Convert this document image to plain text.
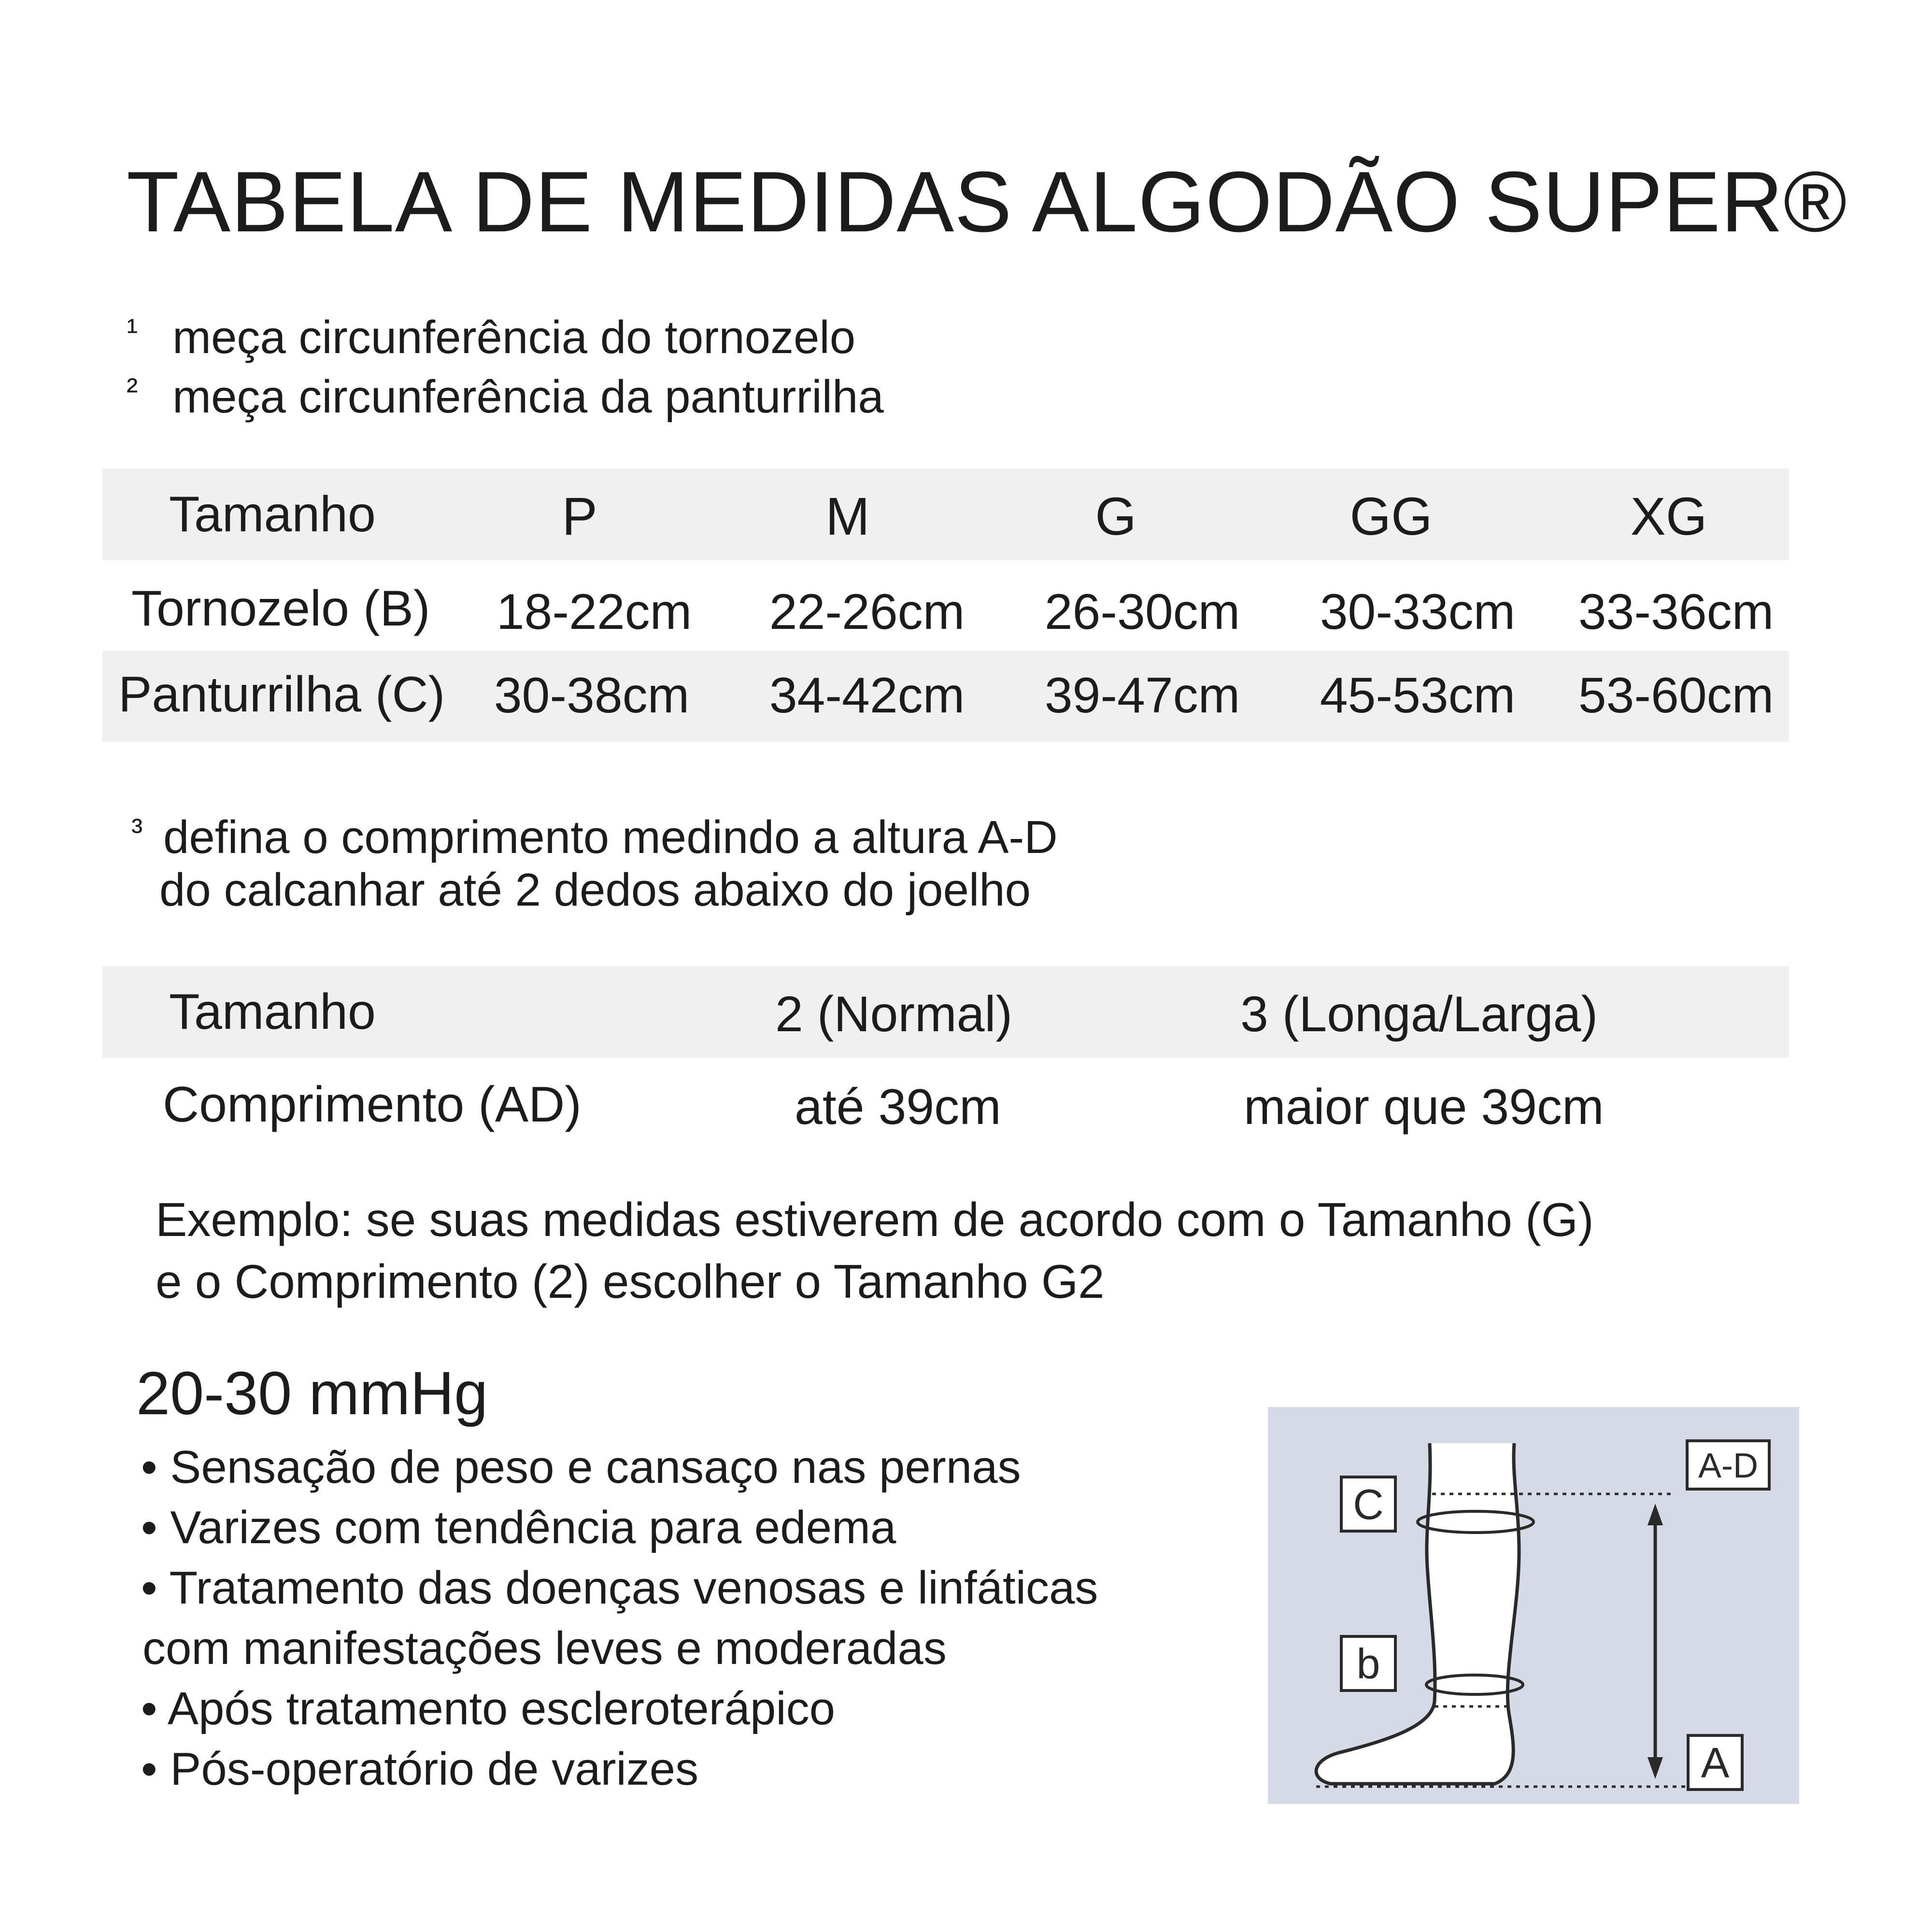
TABELA DE MEDIDAS ALGODÃO SUPER®
¹ meça circunferência do tornozelo
² meça circunferência da panturrilha
Tamanho	P	M	G	GG	XG
Tornozelo (B) 18-22cm 22-26cm 26-30cm 30-33cm 33-36cm
Panturrilha (C) 30-38cm 34-42cm 39-47cm 45-53cm 53-60cm
³ defina o comprimento medindo a altura A-D
do calcanhar até 2 dedos abaixo do joelho
Tamanho	2 (Normal)	3 (Longa/Larga)
Comprimento (AD)	até 39cm	maior que 39cm
Exemplo: se suas medidas estiverem de acordo com o Tamanho (G)
e o Comprimento (2) escolher o Tamanho G2
20-30 mmHg
• Sensação de peso e cansaço nas pernas
• Varizes com tendência para edema
• Tratamento das doenças venosas e linfáticas
com manifestações leves e moderadas
• Após tratamento escleroterápico
• Pós-operatório de varizes
C
b
A-D
A
